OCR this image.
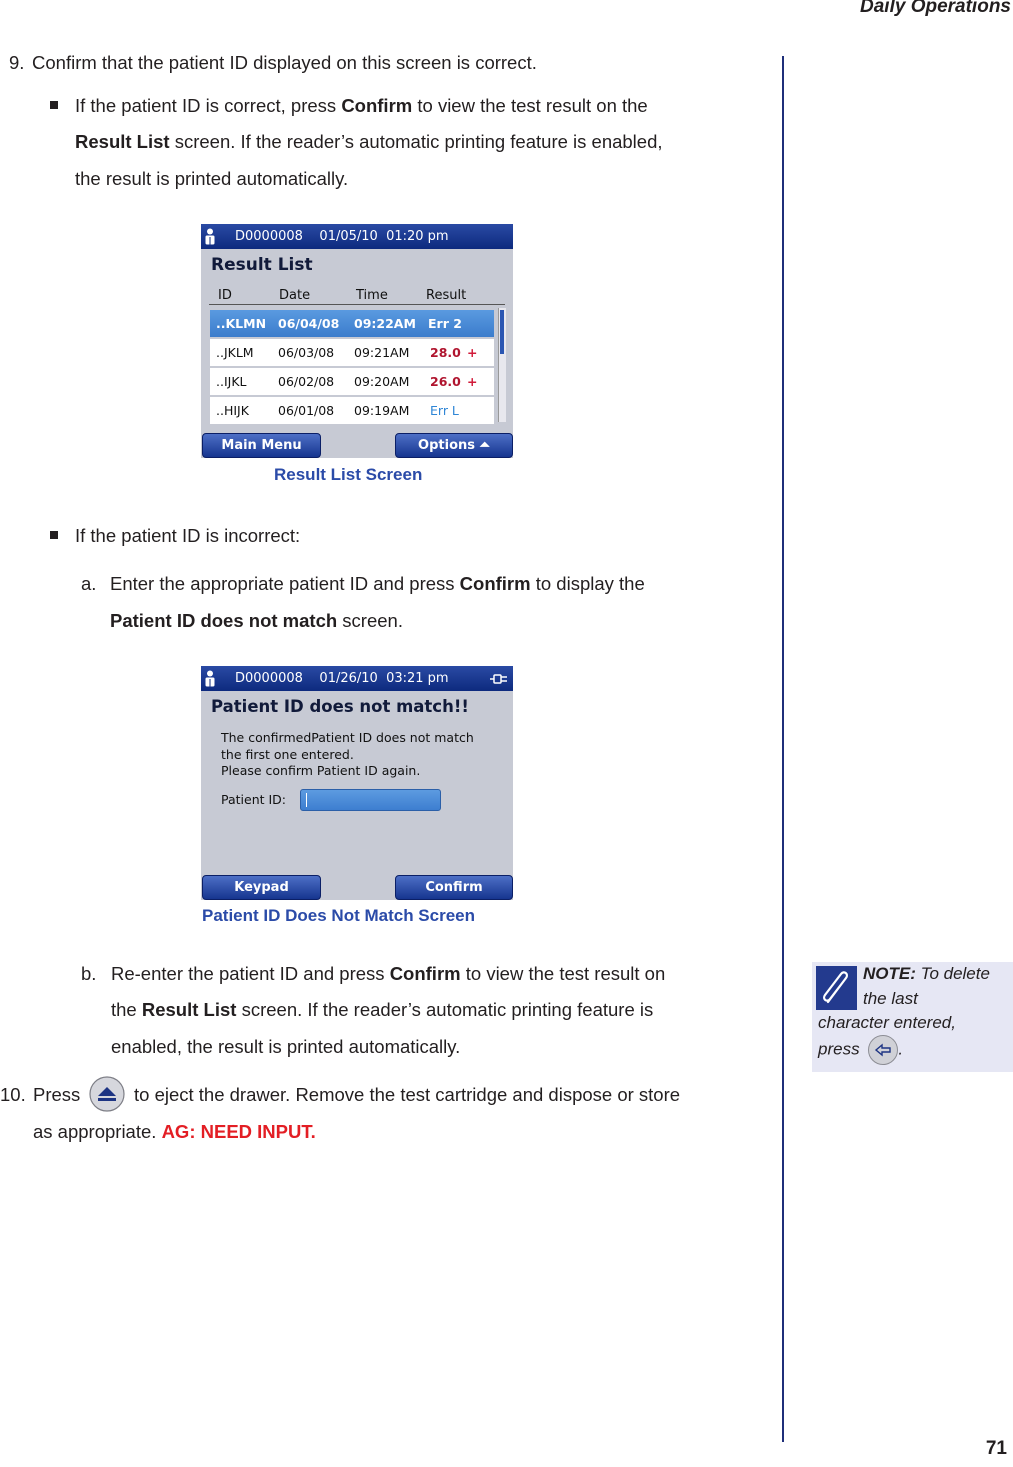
Daily Operations
9. Confirm that the patient ID displayed on this screen is correct.
If the patient ID is correct, press Confirm to view the test result on the
Result List screen. If the reader’s automatic printing feature is enabled,
the result is printed automatically.
D0000008    01/05/10  01:20 pm
Result List
ID	Date	Time	Result
..KLMN 06/04/08 09:22AM Err 2
..JKLM 06/03/08 09:21AM 28.0 +
..IJKL	06/02/08 09:20AM 26.0 +
..HIJK 06/01/08 09:19AM Err L
Main Menu	Options ⏶
Result List Screen
If the patient ID is incorrect:
a. Enter the appropriate patient ID and press Confirm to display the
Patient ID does not match screen.
D0000008    01/26/10  03:21 pm
Patient ID does not match!!
The confirmedPatient ID does not match
the first one entered.
Please confirm Patient ID again.
Patient ID:
Keypad	Confirm
Patient ID Does Not Match Screen
b. Re-enter the patient ID and press Confirm to view the test result on
the Result List screen. If the reader’s automatic printing feature is
enabled, the result is printed automatically.
10. Press	to eject the drawer. Remove the test cartridge and dispose or store
as appropriate. AG: NEED INPUT.
NOTE: To delete
the last
character entered,
press .
71
